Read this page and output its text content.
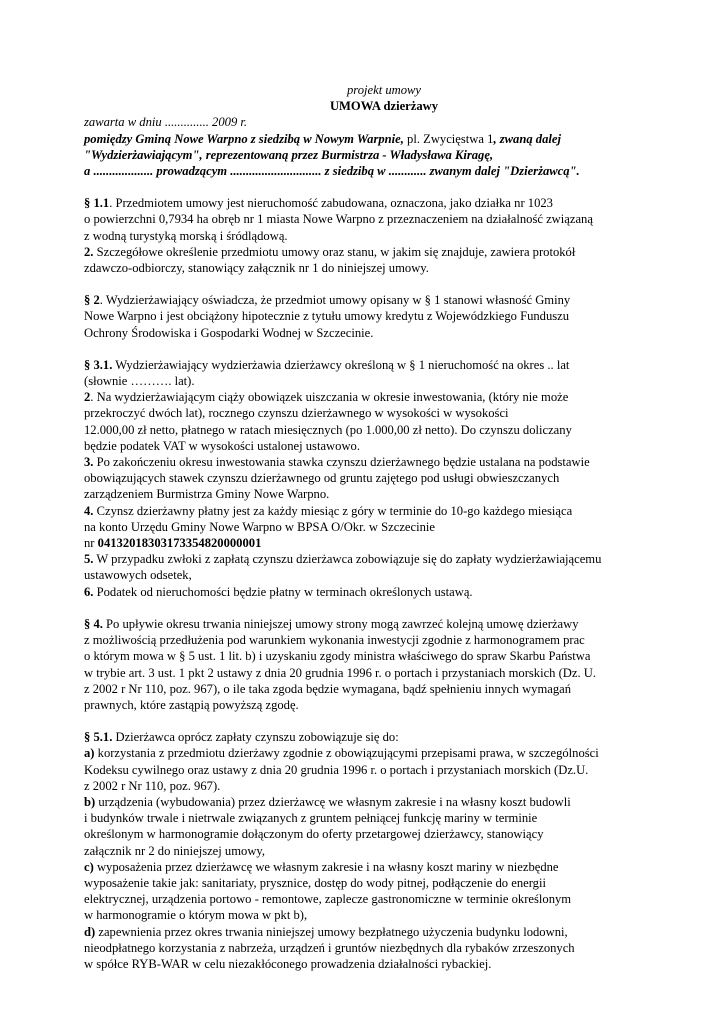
projekt umowy
UMOWA dzierżawy
zawarta w dniu .............. 2009 r.
pomiędzy Gminą Nowe Warpno z siedzibą w Nowym Warpnie, pl. Zwycięstwa 1, zwaną dalej
"Wydzierżawiającym", reprezentowaną przez Burmistrza - Władysława Kiragę,
a ................... prowadzącym ............................. z siedzibą w ............ zwanym dalej "Dzierżawcą".
§ 1.1. Przedmiotem umowy jest nieruchomość zabudowana, oznaczona, jako działka nr 1023
o powierzchni 0,7934 ha obręb nr 1 miasta Nowe Warpno z przeznaczeniem na działalność związaną
z wodną turystyką morską i śródlądową.
2. Szczegółowe określenie przedmiotu umowy oraz stanu, w jakim się znajduje, zawiera protokół
zdawczo-odbiorczy, stanowiący załącznik nr 1 do niniejszej umowy.
§ 2. Wydzierżawiający oświadcza, że przedmiot umowy opisany w § 1 stanowi własność Gminy
Nowe Warpno i jest obciążony hipotecznie z tytułu umowy kredytu z Wojewódzkiego Funduszu
Ochrony Środowiska i Gospodarki Wodnej w Szczecinie.
§ 3.1. Wydzierżawiający wydzierżawia dzierżawcy określoną w § 1 nieruchomość na okres .. lat
(słownie ………. lat).
2. Na wydzierżawiającym ciąży obowiązek uiszczania w okresie inwestowania, (który nie może
przekroczyć dwóch lat), rocznego czynszu dzierżawnego w wysokości w wysokości
12.000,00 zł netto, płatnego w ratach miesięcznych (po 1.000,00 zł netto). Do czynszu doliczany
będzie podatek VAT w wysokości ustalonej ustawowo.
3. Po zakończeniu okresu inwestowania stawka czynszu dzierżawnego będzie ustalana na podstawie
obowiązujących stawek czynszu dzierżawnego od gruntu zajętego pod usługi obwieszczanych
zarządzeniem Burmistrza Gminy Nowe Warpno.
4. Czynsz dzierżawny płatny jest za każdy miesiąc z góry w terminie do 10-go każdego miesiąca
na konto Urzędu Gminy Nowe Warpno w BPSA O/Okr. w Szczecinie
nr 04132018303173354820000001
5. W przypadku zwłoki z zapłatą czynszu dzierżawca zobowiązuje się do zapłaty wydzierżawiającemu
ustawowych odsetek,
6. Podatek od nieruchomości będzie płatny w terminach określonych ustawą.
§ 4. Po upływie okresu trwania niniejszej umowy strony mogą zawrzeć kolejną umowę dzierżawy
z możliwością przedłużenia pod warunkiem wykonania inwestycji zgodnie z harmonogramem prac
o którym mowa w § 5 ust. 1 lit. b) i uzyskaniu zgody ministra właściwego do spraw Skarbu Państwa
w trybie art. 3 ust. 1 pkt 2 ustawy z dnia 20 grudnia 1996 r. o portach i przystaniach morskich (Dz. U.
z 2002 r Nr 110, poz. 967), o ile taka zgoda będzie wymagana, bądź spełnieniu innych wymagań
prawnych, które zastąpią powyższą zgodę.
§ 5.1. Dzierżawca oprócz zapłaty czynszu zobowiązuje się do:
a) korzystania z przedmiotu dzierżawy zgodnie z obowiązującymi przepisami prawa, w szczególności
Kodeksu cywilnego oraz ustawy z dnia 20 grudnia 1996 r. o portach i przystaniach morskich (Dz.U.
z 2002 r Nr 110, poz. 967).
b) urządzenia (wybudowania) przez dzierżawcę we własnym zakresie i na własny koszt budowli
i budynków trwale i nietrwale związanych z gruntem pełniącej funkcję mariny w terminie
określonym w harmonogramie dołączonym do oferty przetargowej dzierżawcy, stanowiący
załącznik nr 2 do niniejszej umowy,
c) wyposażenia przez dzierżawcę we własnym zakresie i na własny koszt mariny w niezbędne
wyposażenie takie jak: sanitariaty, prysznice, dostęp do wody pitnej, podłączenie do energii
elektrycznej, urządzenia portowo - remontowe, zaplecze gastronomiczne w terminie określonym
w harmonogramie o którym mowa w pkt b),
d) zapewnienia przez okres trwania niniejszej umowy bezpłatnego użyczenia budynku lodowni,
nieodpłatnego korzystania z nabrzeża, urządzeń i gruntów niezbędnych dla rybaków zrzeszonych
w spółce RYB-WAR w celu niezakłóconego prowadzenia działalności rybackiej.
